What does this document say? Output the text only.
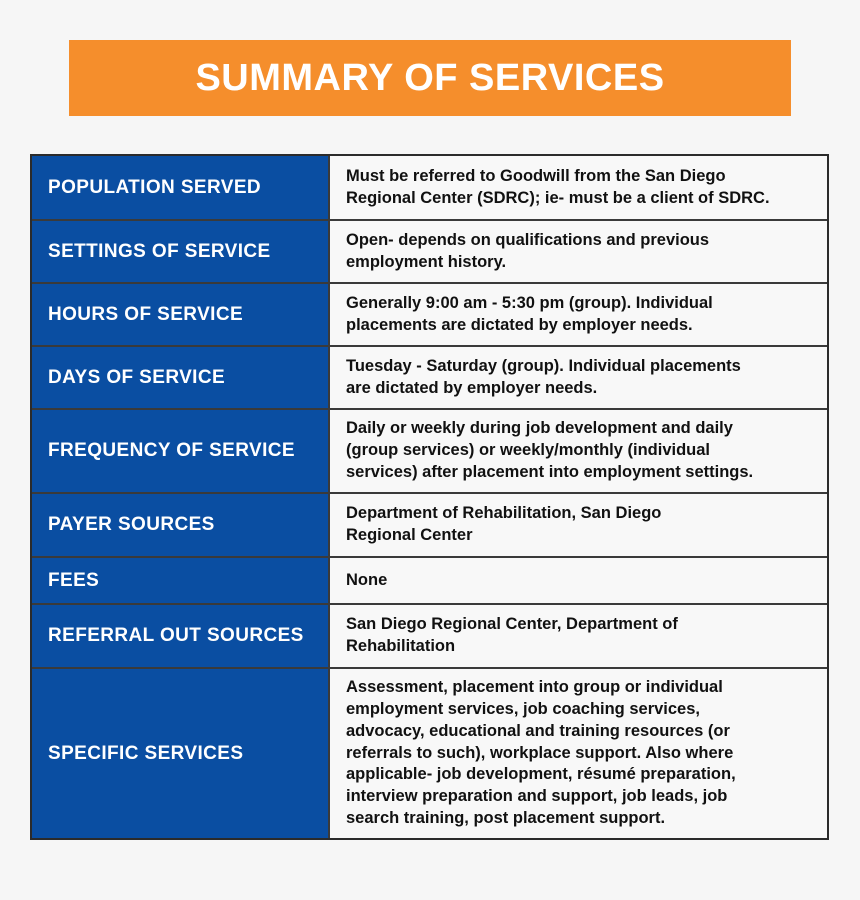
SUMMARY OF SERVICES
POPULATION SERVED
Must be referred to Goodwill from the San Diego
Regional Center (SDRC); ie- must be a client of SDRC.
SETTINGS OF SERVICE
Open- depends on qualifications and previous
employment history.
HOURS OF SERVICE
Generally 9:00 am - 5:30 pm (group). Individual
placements are dictated by employer needs.
DAYS OF SERVICE
Tuesday - Saturday (group). Individual placements
are dictated by employer needs.
FREQUENCY OF SERVICE
Daily or weekly during job development and daily
(group services) or weekly/monthly (individual
services) after placement into employment settings.
PAYER SOURCES
Department of Rehabilitation, San Diego
Regional Center
FEES	None
REFERRAL OUT SOURCES
San Diego Regional Center, Department of
Rehabilitation
SPECIFIC SERVICES
Assessment, placement into group or individual
employment services, job coaching services,
advocacy, educational and training resources (or
referrals to such), workplace support. Also where
applicable- job development, résumé preparation,
interview preparation and support, job leads, job
search training, post placement support.
